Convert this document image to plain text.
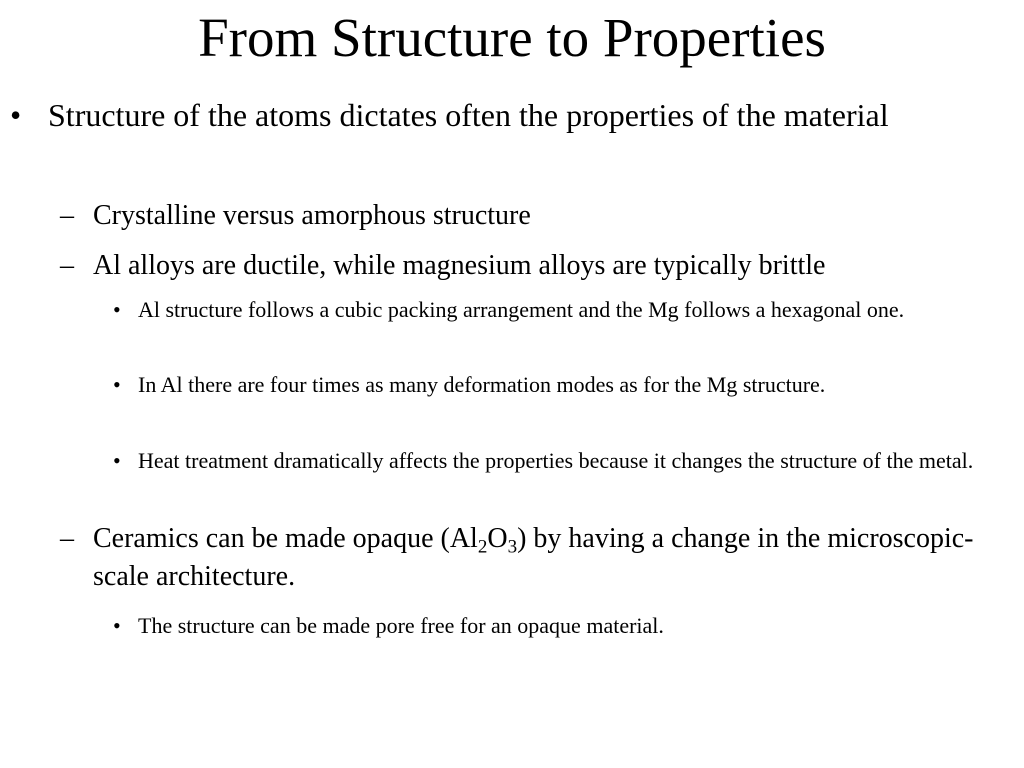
From Structure to Properties
• Structure of the atoms dictates often the properties of the material
– Crystalline versus amorphous structure
– Al alloys are ductile, while magnesium alloys are typically brittle
• Al structure follows a cubic packing arrangement and the Mg follows a hexagonal one.
• In Al there are four times as many deformation modes as for the Mg structure.
• Heat treatment dramatically affects the properties because it changes the structure of the metal.
– Ceramics can be made opaque $(Al_2O_3)$ by having a change in the microscopic-scale architecture.
• The structure can be made pore free for an opaque material.
